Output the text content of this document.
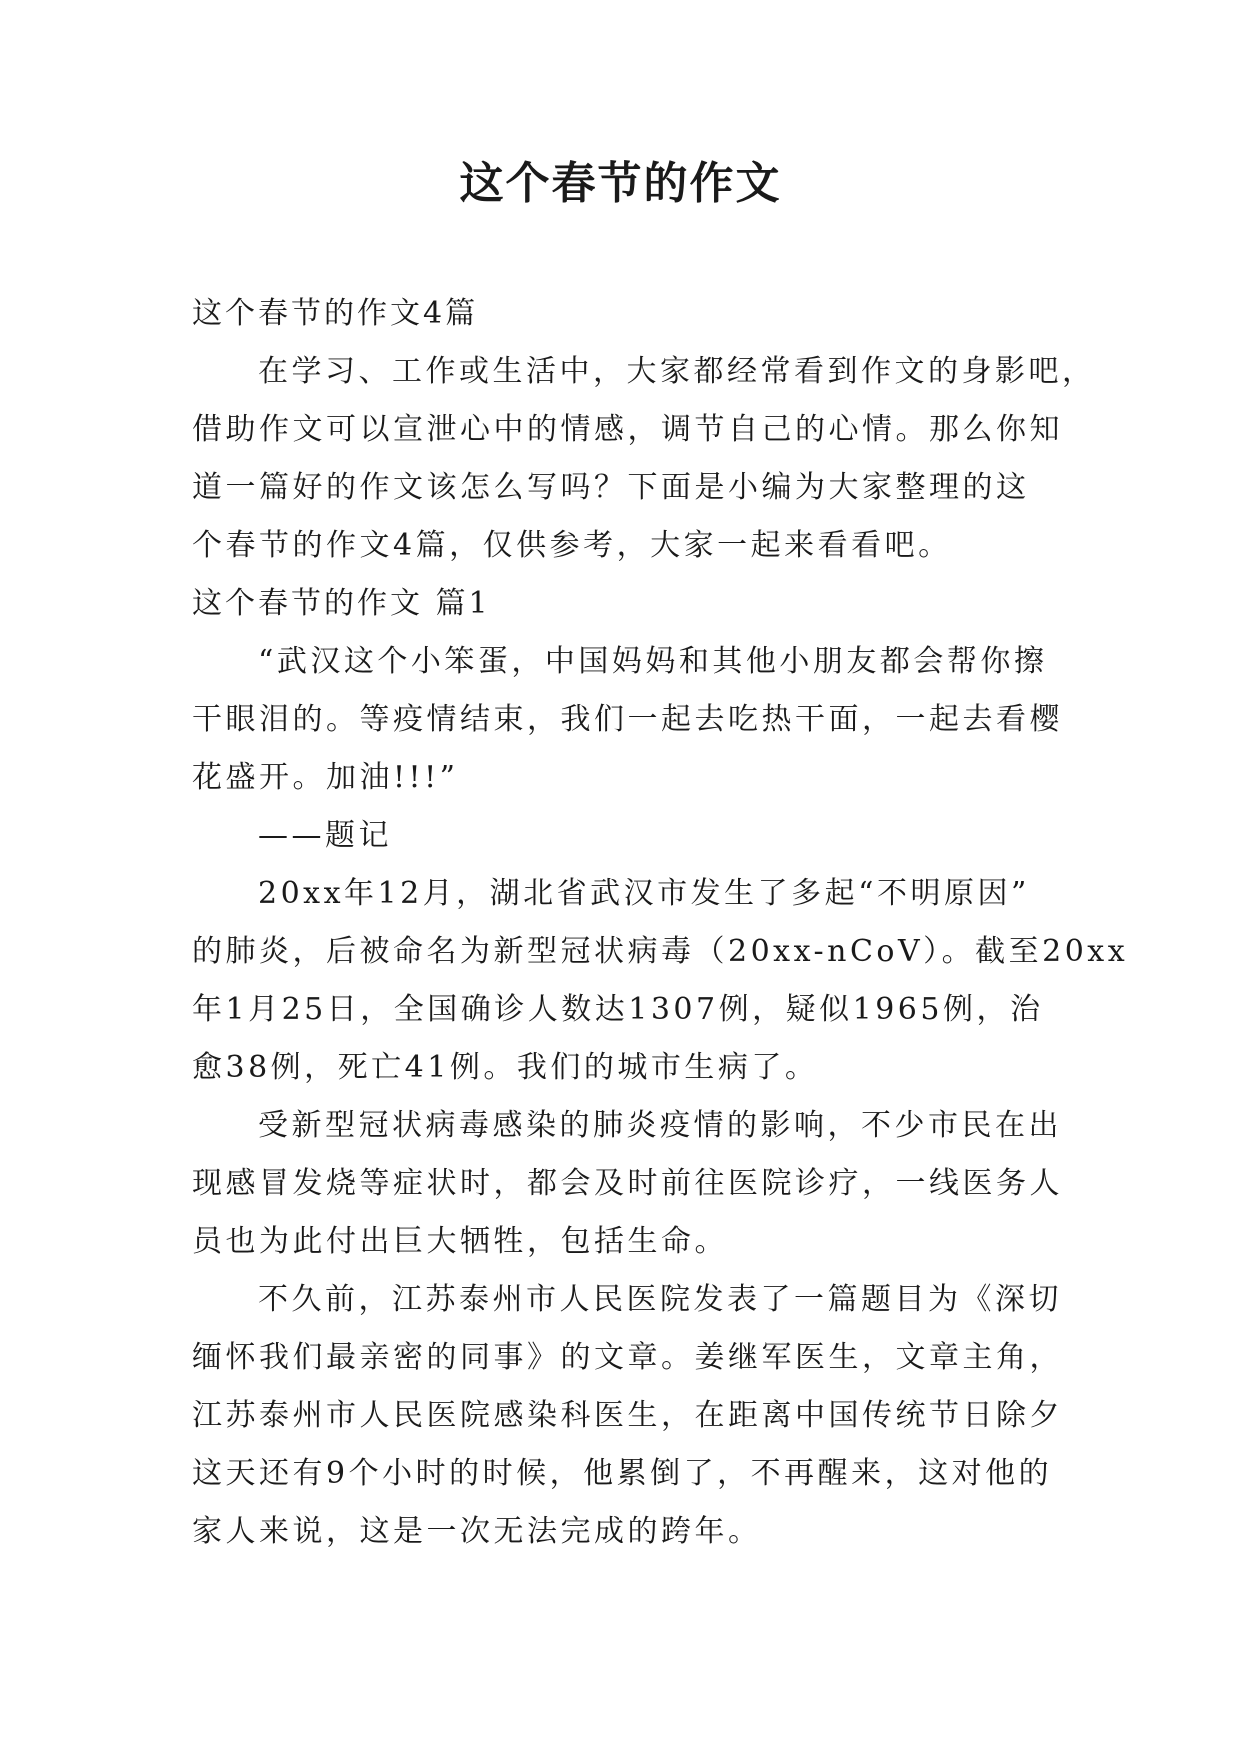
这个春节的作文

这个春节的作文4篇

在学习、工作或生活中，大家都经常看到作文的身影吧，

借助作文可以宣泄心中的情感，调节自己的心情。那么你知

道一篇好的作文该怎么写吗？下面是小编为大家整理的这

个春节的作文4篇，仅供参考，大家一起来看看吧。

这个春节的作文 篇1

“武汉这个小笨蛋，中国妈妈和其他小朋友都会帮你擦

干眼泪的。等疫情结束，我们一起去吃热干面，一起去看樱

花盛开。加油!!!”

——题记

20xx年12月，湖北省武汉市发生了多起“不明原因”

的肺炎，后被命名为新型冠状病毒（20xx-nCoV）。截至20xx

年1月25日，全国确诊人数达1307例，疑似1965例，治

愈38例，死亡41例。我们的城市生病了。

受新型冠状病毒感染的肺炎疫情的影响，不少市民在出

现感冒发烧等症状时，都会及时前往医院诊疗，一线医务人

员也为此付出巨大牺牲，包括生命。

不久前，江苏泰州市人民医院发表了一篇题目为《深切

缅怀我们最亲密的同事》的文章。姜继军医生，文章主角，

江苏泰州市人民医院感染科医生，在距离中国传统节日除夕

这天还有9个小时的时候，他累倒了，不再醒来，这对他的

家人来说，这是一次无法完成的跨年。
